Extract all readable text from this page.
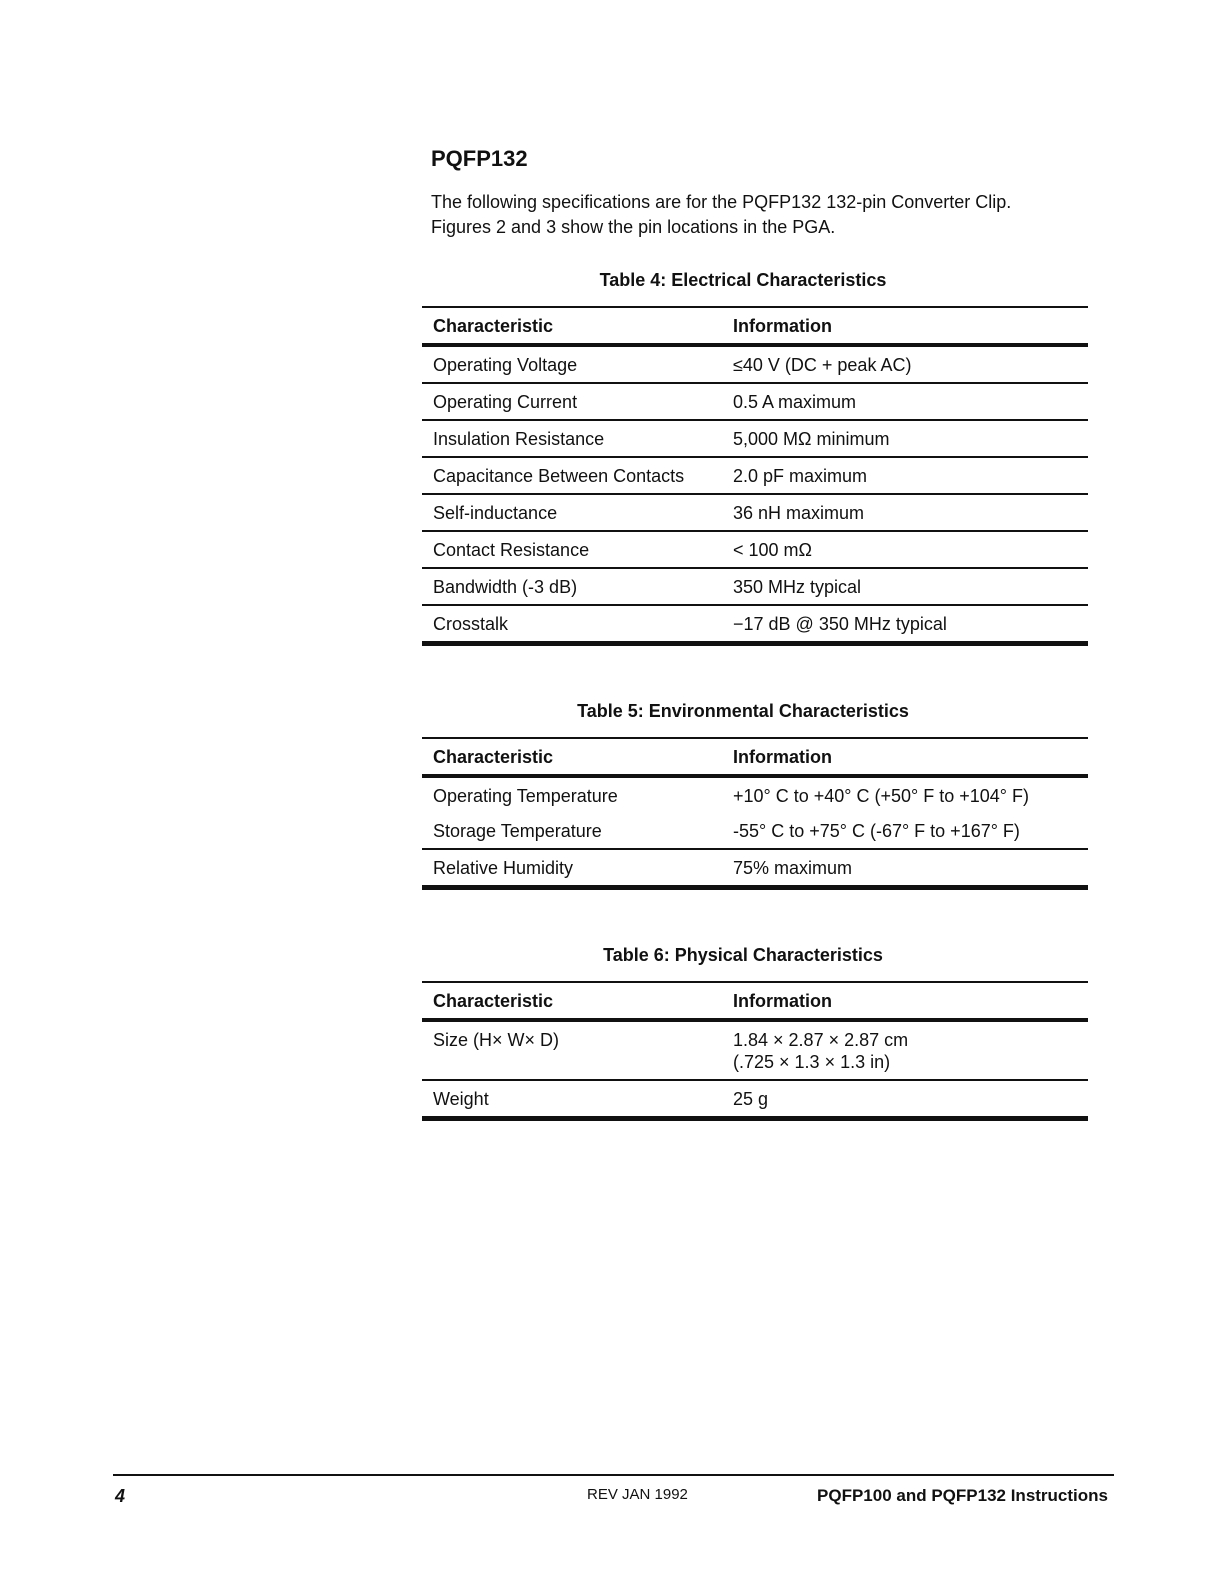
PQFP132
The following specifications are for the PQFP132 132-pin Converter Clip.
Figures 2 and 3 show the pin locations in the PGA.
Table 4: Electrical Characteristics
Characteristic	Information
Operating Voltage	≤40 V (DC + peak AC)
Operating Current	0.5 A maximum
Insulation Resistance	5,000 MΩ minimum
Capacitance Between Contacts	2.0 pF maximum
Self-inductance	36 nH maximum
Contact Resistance	< 100 mΩ
Bandwidth (-3 dB)	350 MHz typical
Crosstalk	−17 dB @ 350 MHz typical
Table 5: Environmental Characteristics
Characteristic	Information
Operating Temperature	+10° C to +40° C (+50° F to +104° F)
Storage Temperature	-55° C to +75° C (-67° F to +167° F)
Relative Humidity	75% maximum
Table 6: Physical Characteristics
Characteristic	Information
Size (H× W× D)	1.84 × 2.87 × 2.87 cm
(.725 × 1.3 × 1.3 in)

Weight	25 g
4	REV JAN 1992	PQFP100 and PQFP132 Instructions
